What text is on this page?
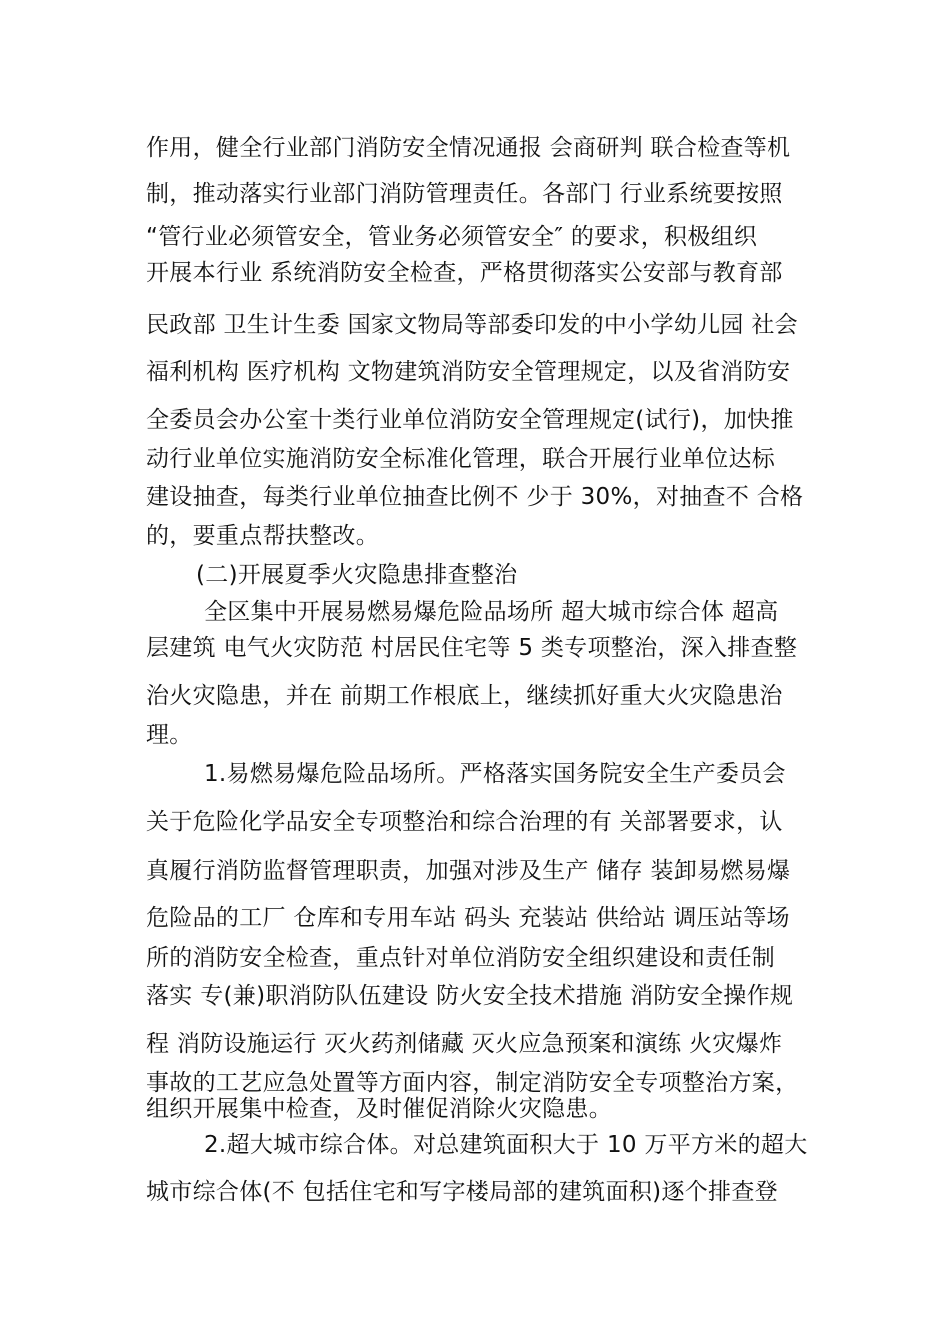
作用，健全行业部门消防安全情况通报 会商研判 联合检查等机
制，推动落实行业部门消防管理责任。各部门 行业系统要按照
“管行业必须管安全，管业务必须管安全″ 的要求，积极组织
开展本行业 系统消防安全检查，严格贯彻落实公安部与教育部
民政部 卫生计生委 国家文物局等部委印发的中小学幼儿园 社会
福利机构 医疗机构 文物建筑消防安全管理规定，以及省消防安
全委员会办公室十类行业单位消防安全管理规定(试行)，加快推
动行业单位实施消防安全标准化管理，联合开展行业单位达标
建设抽查，每类行业单位抽查比例不 少于 30%，对抽查不 合格
的，要重点帮扶整改。
(二)开展夏季火灾隐患排查整治
全区集中开展易燃易爆危险品场所 超大城市综合体 超高
层建筑 电气火灾防范 村居民住宅等 5 类专项整治，深入排查整
治火灾隐患，并在 前期工作根底上，继续抓好重大火灾隐患治
理。
1.易燃易爆危险品场所。严格落实国务院安全生产委员会
关于危险化学品安全专项整治和综合治理的有 关部署要求，认
真履行消防监督管理职责，加强对涉及生产 储存 装卸易燃易爆
危险品的工厂 仓库和专用车站 码头 充装站 供给站 调压站等场
所的消防安全检查，重点针对单位消防安全组织建设和责任制
落实 专(兼)职消防队伍建设 防火安全技术措施 消防安全操作规
程 消防设施运行 灭火药剂储藏 灭火应急预案和演练 火灾爆炸
事故的工艺应急处置等方面内容，制定消防安全专项整治方案，
组织开展集中检查，及时催促消除火灾隐患。
2.超大城市综合体。对总建筑面积大于 10 万平方米的超大
城市综合体(不 包括住宅和写字楼局部的建筑面积)逐个排查登
